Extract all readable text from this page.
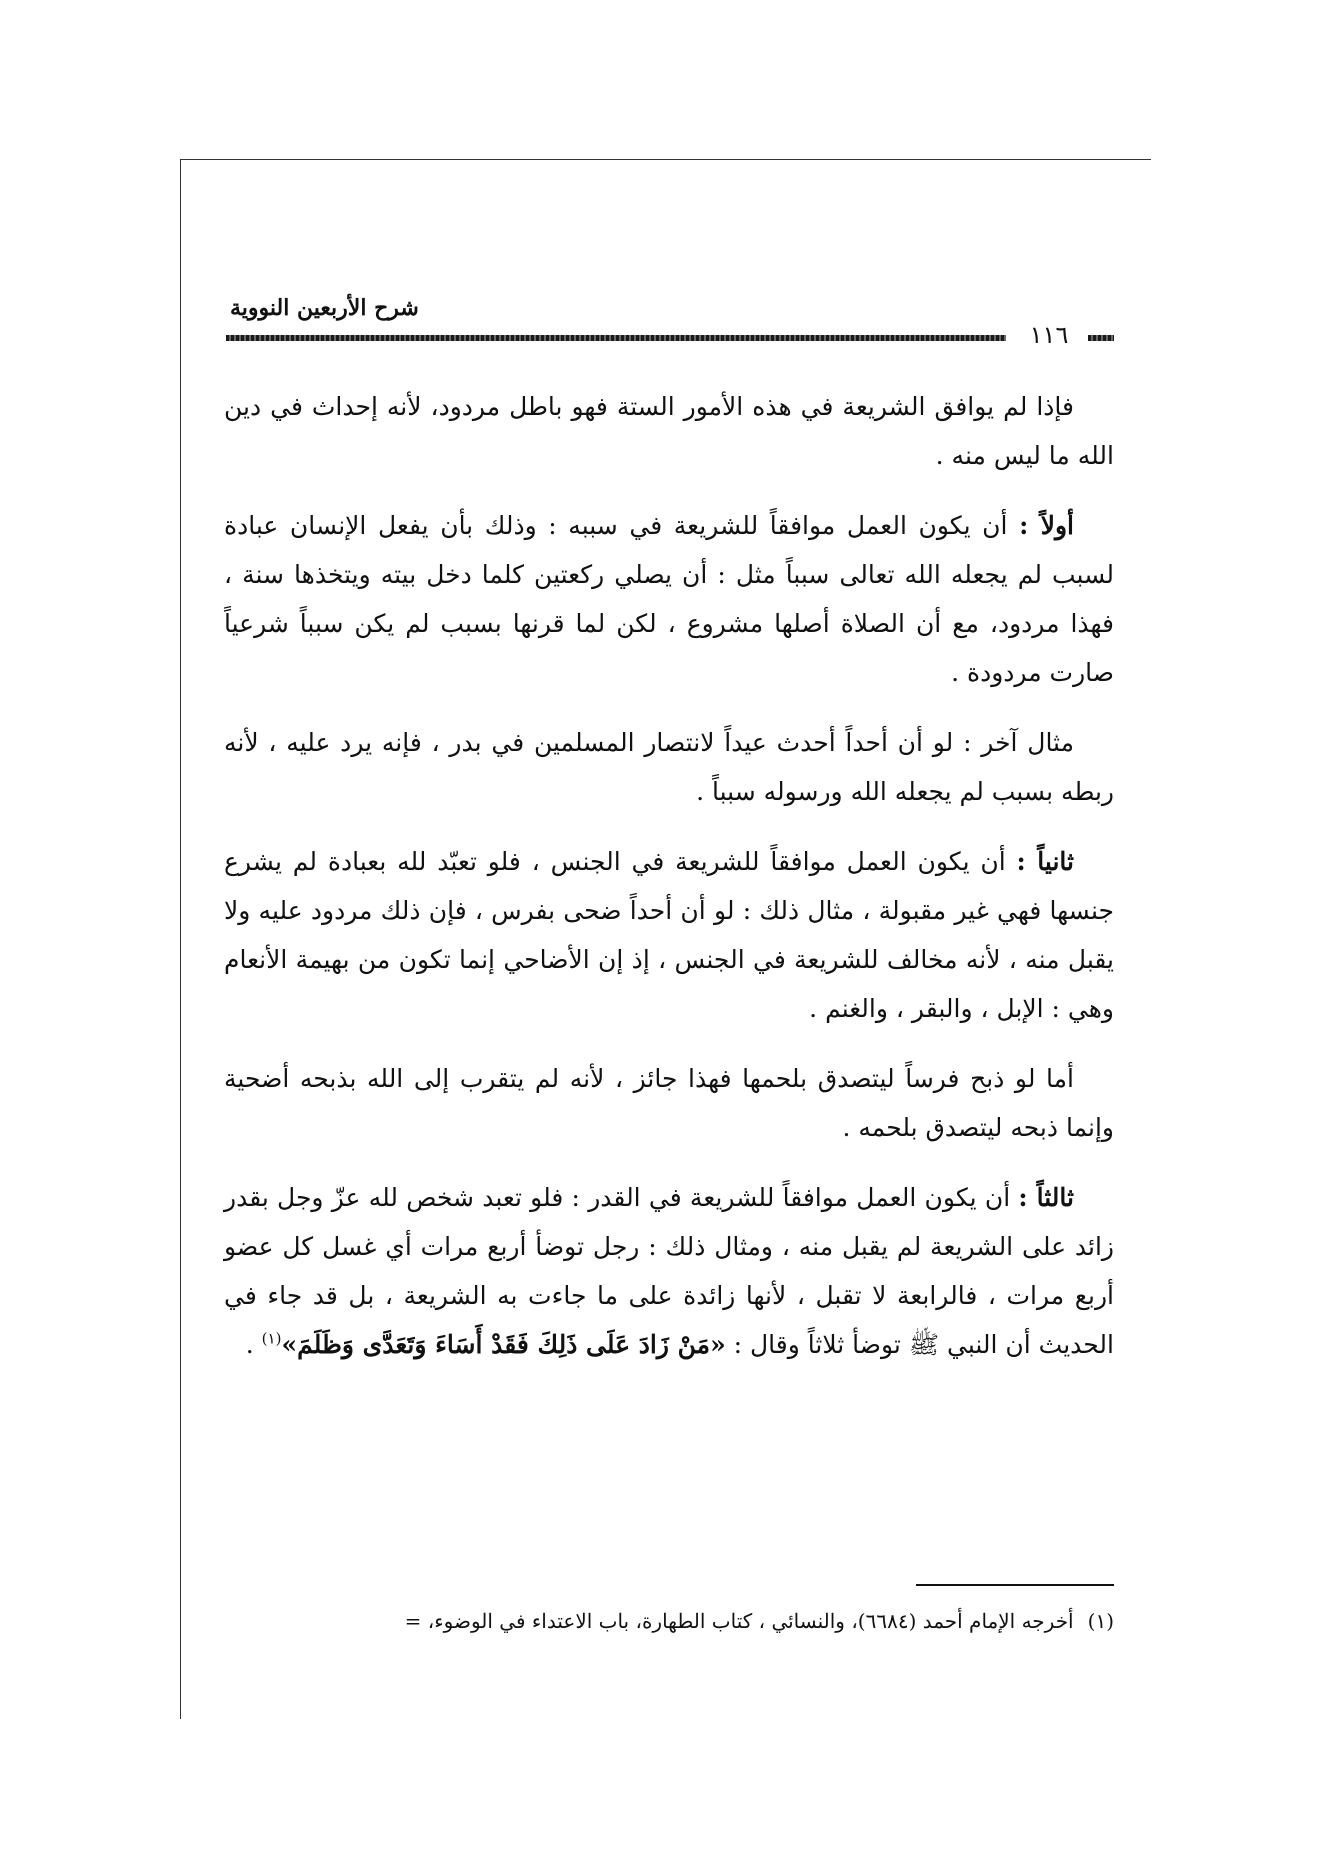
شرح الأربعين النووية
١١٦

فإذا لم يوافق الشريعة في هذه الأمور الستة فهو باطل مردود، لأنه إحداث في دين الله ما ليس منه .

أولاً : أن يكون العمل موافقاً للشريعة في سببه : وذلك بأن يفعل الإنسان عبادة لسبب لم يجعله الله تعالى سبباً مثل : أن يصلي ركعتين كلما دخل بيته ويتخذها سنة ، فهذا مردود، مع أن الصلاة أصلها مشروع ، لكن لما قرنها بسبب لم يكن سبباً شرعياً صارت مردودة .

مثال آخر : لو أن أحداً أحدث عيداً لانتصار المسلمين في بدر ، فإنه يرد عليه ، لأنه ربطه بسبب لم يجعله الله ورسوله سبباً .

ثانياً : أن يكون العمل موافقاً للشريعة في الجنس ، فلو تعبّد لله بعبادة لم يشرع جنسها فهي غير مقبولة ، مثال ذلك : لو أن أحداً ضحى بفرس ، فإن ذلك مردود عليه ولا يقبل منه ، لأنه مخالف للشريعة في الجنس ، إذ إن الأضاحي إنما تكون من بهيمة الأنعام وهي : الإبل ، والبقر ، والغنم .

أما لو ذبح فرساً ليتصدق بلحمها فهذا جائز ، لأنه لم يتقرب إلى الله بذبحه أضحية وإنما ذبحه ليتصدق بلحمه .

ثالثاً : أن يكون العمل موافقاً للشريعة في القدر : فلو تعبد شخص لله عزّ وجل بقدر زائد على الشريعة لم يقبل منه ، ومثال ذلك : رجل توضأ أربع مرات أي غسل كل عضو أربع مرات ، فالرابعة لا تقبل ، لأنها زائدة على ما جاءت به الشريعة ، بل قد جاء في الحديث أن النبي ﷺ توضأ ثلاثاً وقال : «مَنْ زَادَ عَلَى ذَلِكَ فَقَدْ أَسَاءَ وَتَعَدَّى وَظَلَمَ»$^{(١)}$ .

(١)أخرجه الإمام أحمد (٦٦٨٤)، والنسائي ، كتاب الطهارة، باب الاعتداء في الوضوء، =
